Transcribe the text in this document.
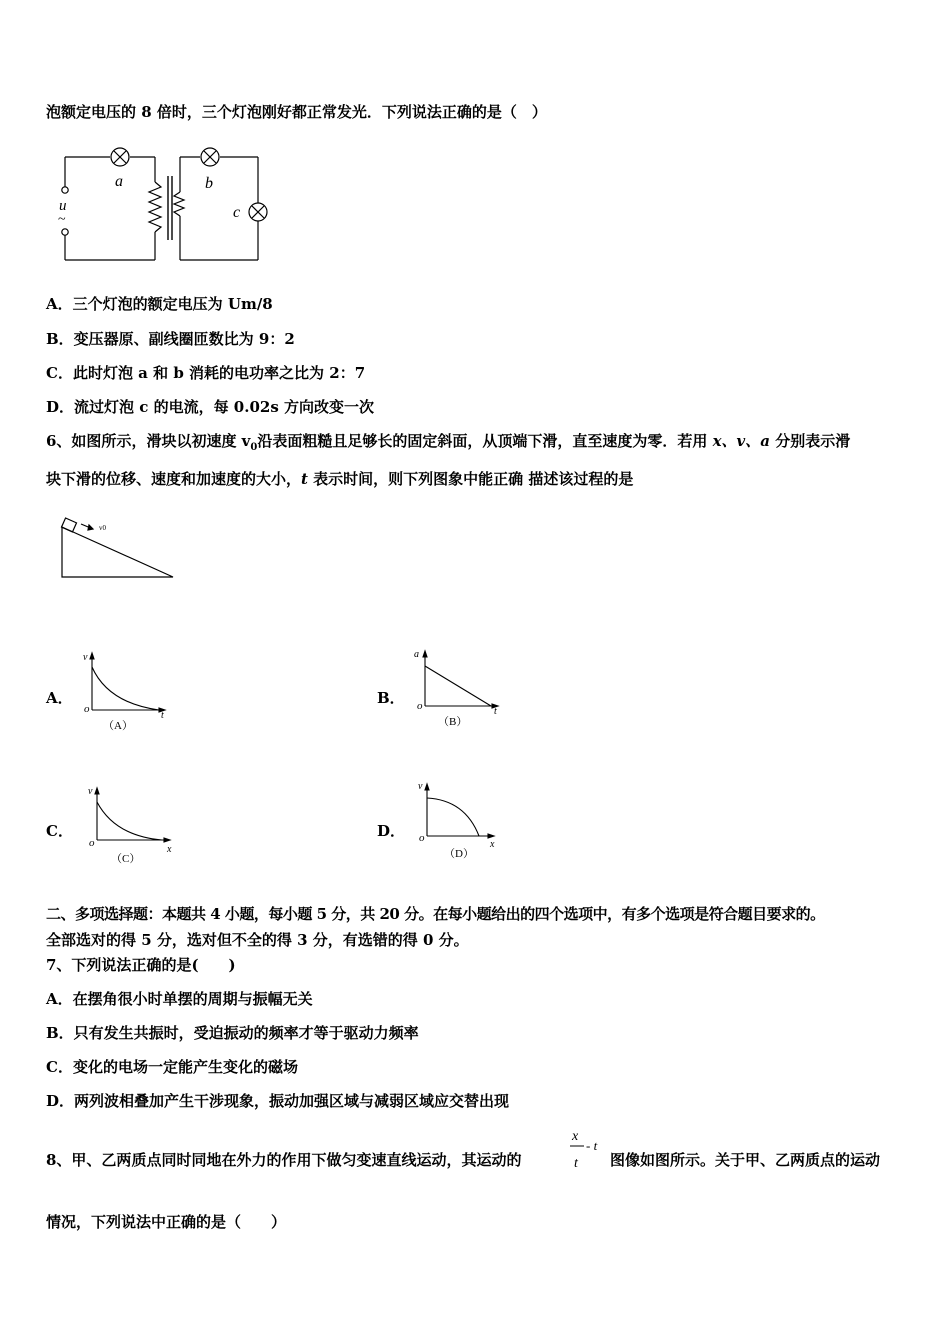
泡额定电压的 8 倍时，三个灯泡刚好都正常发光．下列说法正确的是（　）
a	b
c
u
~
A．三个灯泡的额定电压为 Um/8
B．变压器原、副线圈匝数比为 9：2
C．此时灯泡 a 和 b 消耗的电功率之比为 2：7
D．流过灯泡 c 的电流，每 0.02s 方向改变一次
6、如图所示，滑块以初速度 $v_0$沿表面粗糙且足够长的固定斜面，从顶端下滑，直至速度为零．若用 x、v、a 分别表示滑
块下滑的位移、速度和加速度的大小，t 表示时间，则下列图象中能正确 描述该过程的是
v0
A．
v
t
o
（A）
B．
a
t
o
（B）
C．
v
x
o
（C）
D．
v
x
o
（D）
二、多项选择题：本题共 4 小题，每小题 5 分，共 20 分。在每小题给出的四个选项中，有多个选项是符合题目要求的。
全部选对的得 5 分，选对但不全的得 3 分，有选错的得 0 分。
7、下列说法正确的是(　　)
A．在摆角很小时单摆的周期与振幅无关
B．只有发生共振时，受迫振动的频率才等于驱动力频率
C．变化的电场一定能产生变化的磁场
D．两列波相叠加产生干涉现象，振动加强区域与减弱区域应交替出现
8、甲、乙两质点同时同地在外力的作用下做匀变速直线运动，其运动的
x
t
- t
图像如图所示。关于甲、乙两质点的运动
情况，下列说法中正确的是（　　）
